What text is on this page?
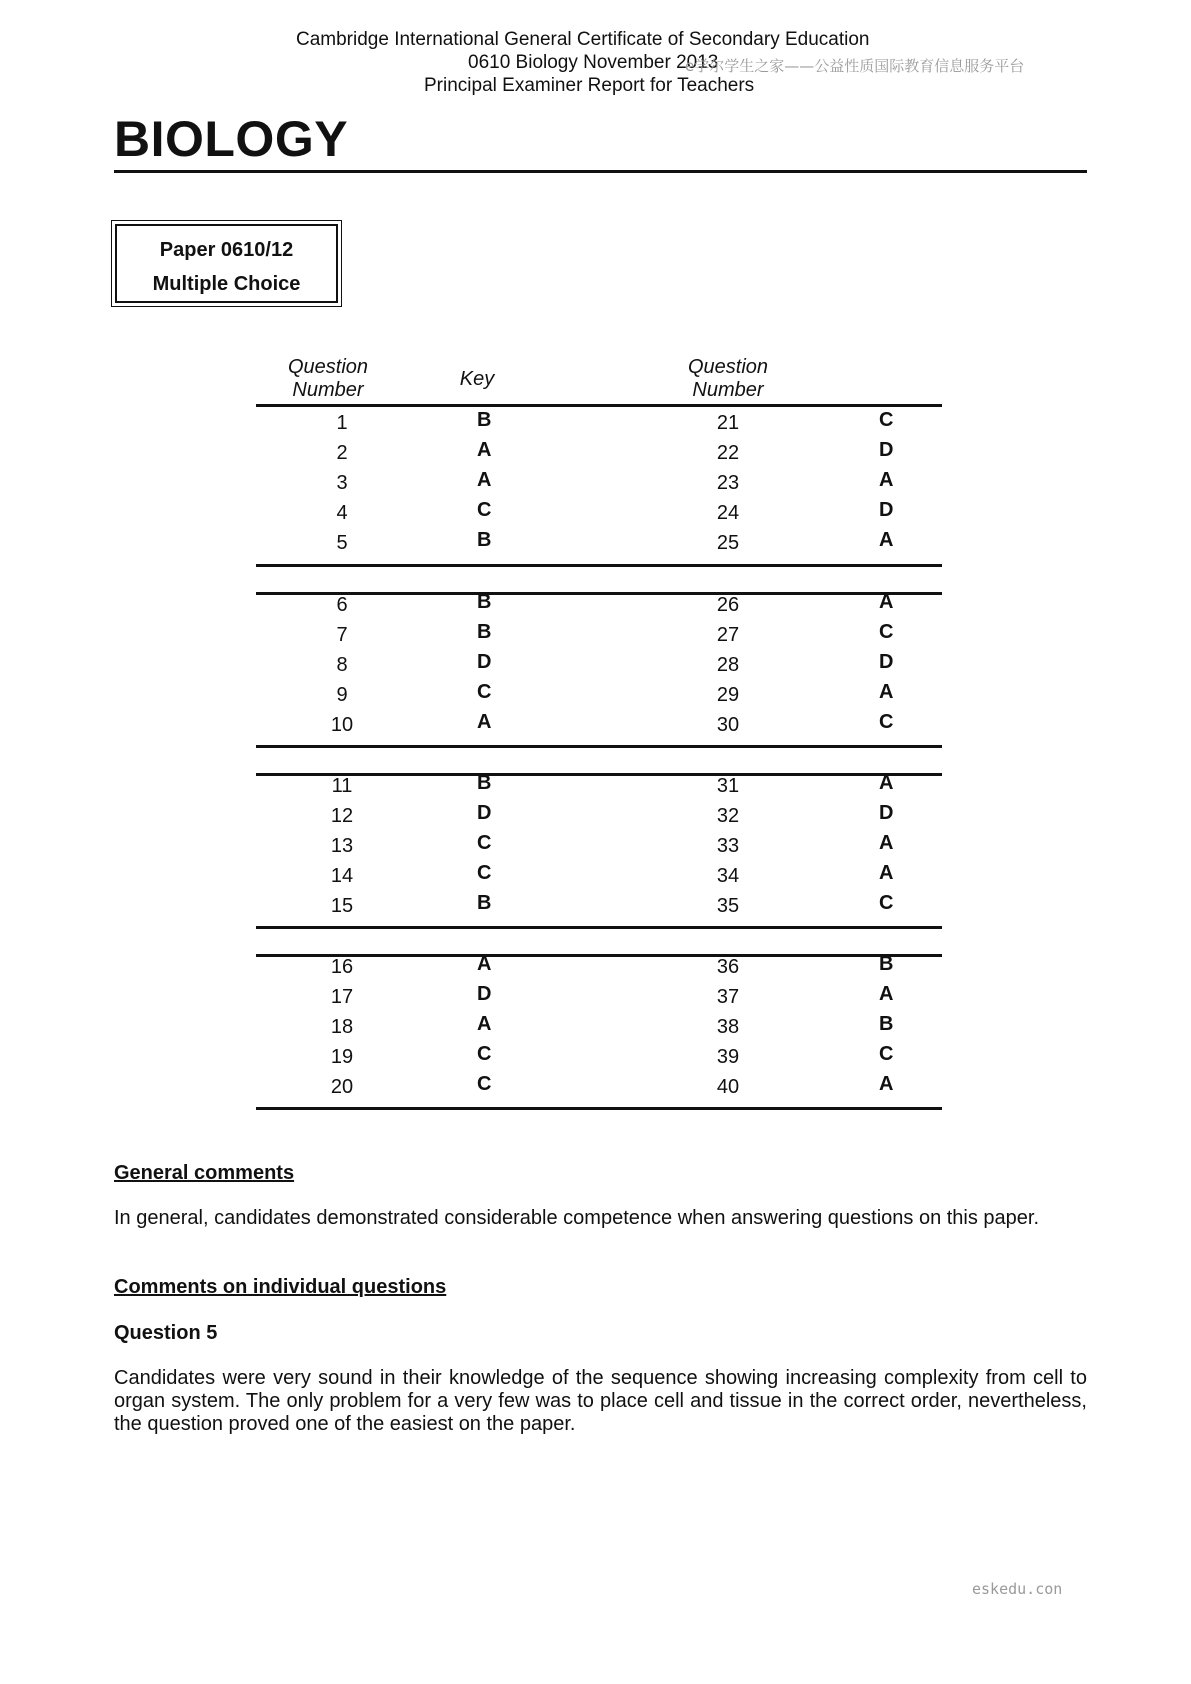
Cambridge International General Certificate of Secondary Education
0610 Biology November 2013
Principal Examiner Report for Teachers
e学尔学生之家——公益性质国际教育信息服务平台
BIOLOGY
Paper 0610/12
Multiple Choice
Question
Number	Key
Question
Number
1	B	21	C
2	A	22	D
3	A	23	A
4	C	24	D
5	B	25	A
6	B	26	A
7	B	27	C
8	D	28	D
9	C	29	A
10	A	30	C
11	B	31	A
12	D	32	D
13	C	33	A
14	C	34	A
15	B	35	C
16	A	36	B
17	D	37	A
18	A	38	B
19	C	39	C
20	C	40	A
General comments
In general, candidates demonstrated considerable competence when answering questions on this paper.
Comments on individual questions
Question 5
Candidates were very sound in their knowledge of the sequence showing increasing complexity from cell to organ system. The only problem for a very few was to place cell and tissue in the correct order, nevertheless, the question proved one of the easiest on the paper.
eskedu.con
